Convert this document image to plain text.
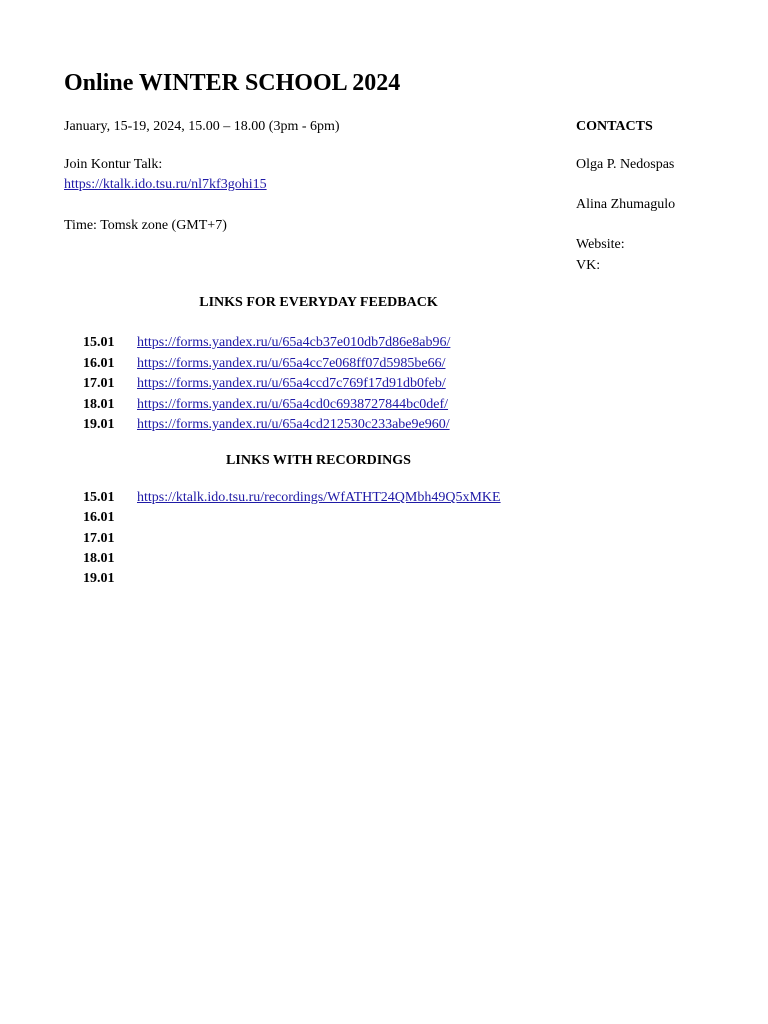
Online WINTER SCHOOL 2024
January, 15-19, 2024, 15.00 – 18.00 (3pm - 6pm)
Join Kontur Talk:
https://ktalk.ido.tsu.ru/nl7kf3gohi15
Time: Tomsk zone (GMT+7)
CONTACTS
Olga P. Nedospas
Alina Zhumagulo
Website:
VK:
LINKS FOR EVERYDAY FEEDBACK
15.01 https://forms.yandex.ru/u/65a4cb37e010db7d86e8ab96/
16.01 https://forms.yandex.ru/u/65a4cc7e068ff07d5985be66/
17.01 https://forms.yandex.ru/u/65a4ccd7c769f17d91db0feb/
18.01 https://forms.yandex.ru/u/65a4cd0c6938727844bc0def/
19.01 https://forms.yandex.ru/u/65a4cd212530c233abe9e960/
LINKS WITH RECORDINGS
15.01 https://ktalk.ido.tsu.ru/recordings/WfATHT24QMbh49Q5xMKE
16.01
17.01
18.01
19.01
